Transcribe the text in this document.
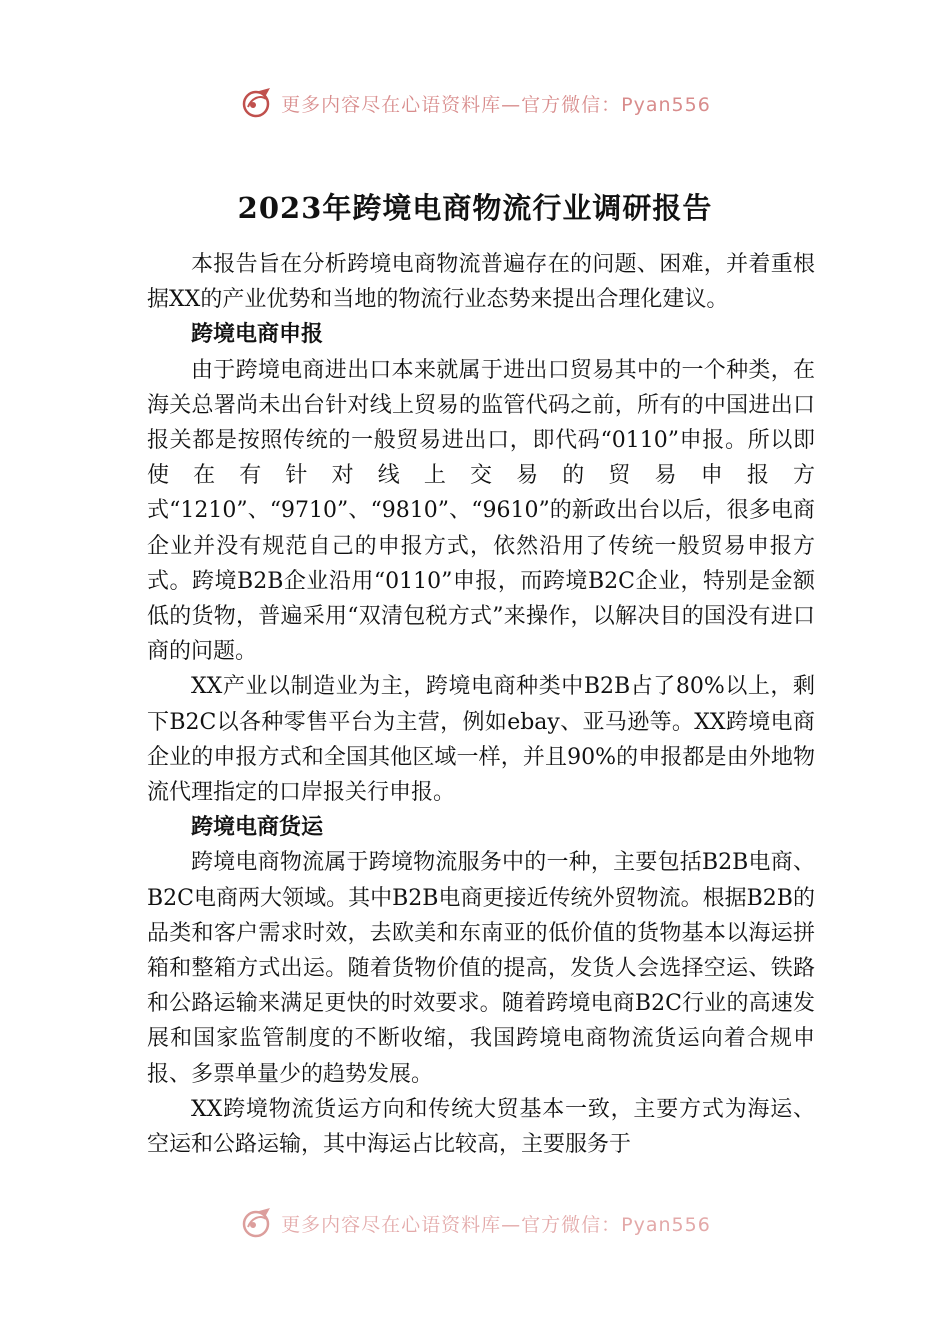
更多内容尽在心语资料库—官方微信：Pyan556
2023年跨境电商物流行业调研报告

本报告旨在分析跨境电商物流普遍存在的问题、困难，并着重根据XX的产业优势和当地的物流行业态势来提出合理化建议。

跨境电商申报

由于跨境电商进出口本来就属于进出口贸易其中的一个种类，在海关总署尚未出台针对线上贸易的监管代码之前，所有的中国进出口报关都是按照传统的一般贸易进出口，即代码“0110”申报。所以即使在有针对线上交易的贸易申报方式“1210”、“9710”、“9810”、“9610”的新政出台以后，很多电商企业并没有规范自己的申报方式，依然沿用了传统一般贸易申报方式。跨境B2B企业沿用“0110”申报，而跨境B2C企业，特别是金额低的货物，普遍采用“双清包税方式”来操作，以解决目的国没有进口商的问题。

XX产业以制造业为主，跨境电商种类中B2B占了80%以上，剩下B2C以各种零售平台为主营，例如ebay、亚马逊等。XX跨境电商企业的申报方式和全国其他区域一样，并且90%的申报都是由外地物流代理指定的口岸报关行申报。

跨境电商货运

跨境电商物流属于跨境物流服务中的一种，主要包括B2B电商、B2C电商两大领域。其中B2B电商更接近传统外贸物流。根据B2B的品类和客户需求时效，去欧美和东南亚的低价值的货物基本以海运拼箱和整箱方式出运。随着货物价值的提高，发货人会选择空运、铁路和公路运输来满足更快的时效要求。随着跨境电商B2C行业的高速发展和国家监管制度的不断收缩，我国跨境电商物流货运向着合规申报、多票单量少的趋势发展。

XX跨境物流货运方向和传统大贸基本一致，主要方式为海运、空运和公路运输，其中海运占比较高，主要服务于

更多内容尽在心语资料库—官方微信：Pyan556
